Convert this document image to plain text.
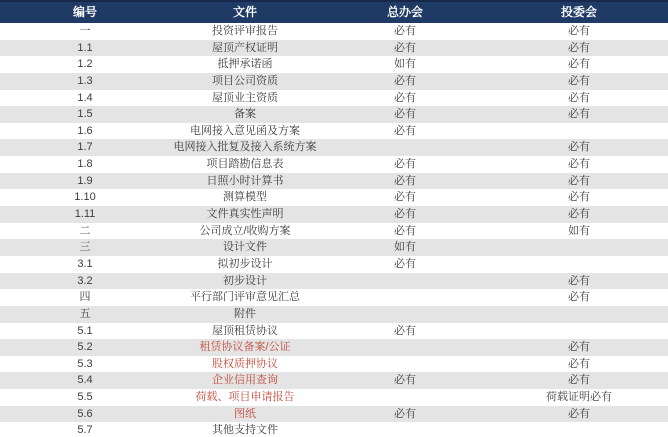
编号	文件	总办会	投委会
一	投资评审报告	必有	必有
1.1	屋顶产权证明	必有	必有
1.2	抵押承诺函	如有	必有
1.3	项目公司资质	必有	必有
1.4	屋顶业主资质	必有	必有
1.5	备案	必有	必有
1.6	电网接入意见函及方案	必有	
1.7	电网接入批复及接入系统方案		必有
1.8	项目踏勘信息表	必有	必有
1.9	日照小时计算书	必有	必有
1.10	测算模型	必有	必有
1.11	文件真实性声明	必有	必有
二	公司成立/收购方案	必有	如有
三	设计文件	如有	
3.1	拟初步设计	必有	
3.2	初步设计		必有
四	平行部门评审意见汇总		必有
五	附件		
5.1	屋顶租赁协议	必有	
5.2	租赁协议备案/公证		必有
5.3	股权质押协议		必有
5.4	企业信用查询	必有	必有
5.5	荷载、项目申请报告		荷载证明必有
5.6	图纸	必有	必有
5.7	其他支持文件		
